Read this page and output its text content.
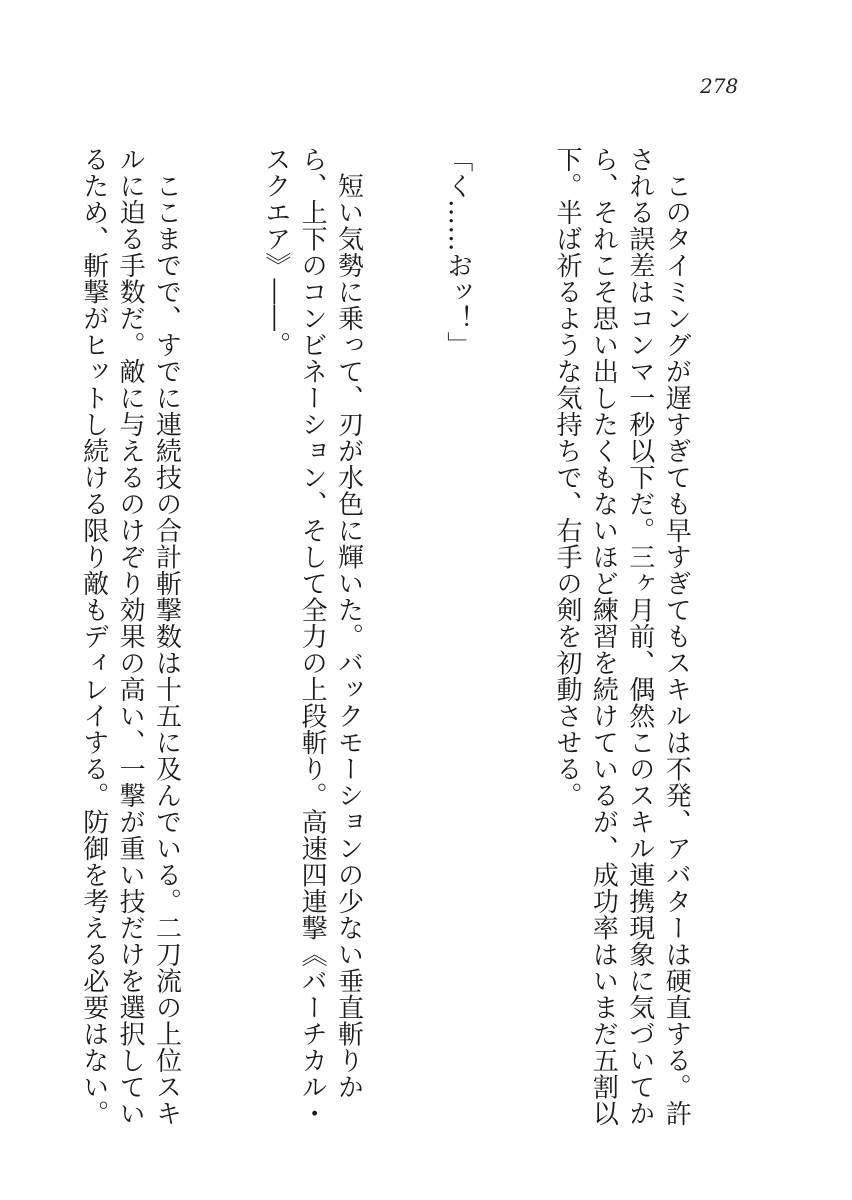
278

　このタイミングが遅すぎても早すぎてもスキルは不発、アバターは硬直する。許される誤差はコンマ一秒以下だ。三ヶ月前、偶然このスキル連携現象に気づいてから、それこそ思い出したくもないほど練習を続けているが、成功率はいまだ五割以下。半ば祈るような気持ちで、右手の剣を初動させる。

「く……おッ！」

　短い気勢に乗って、刃が水色に輝いた。バックモーションの少ない垂直斬りから、上下のコンビネーション、そして全力の上段斬り。高速四連撃《バーチカル・スクエア》――。

　ここまでで、すでに連続技の合計斬撃数は十五に及んでいる。二刀流の上位スキルに迫る手数だ。敵に与えるのけぞり効果の高い、一撃が重い技だけを選択しているため、斬撃がヒットし続ける限り敵もディレイする。防御を考える必要はない。
